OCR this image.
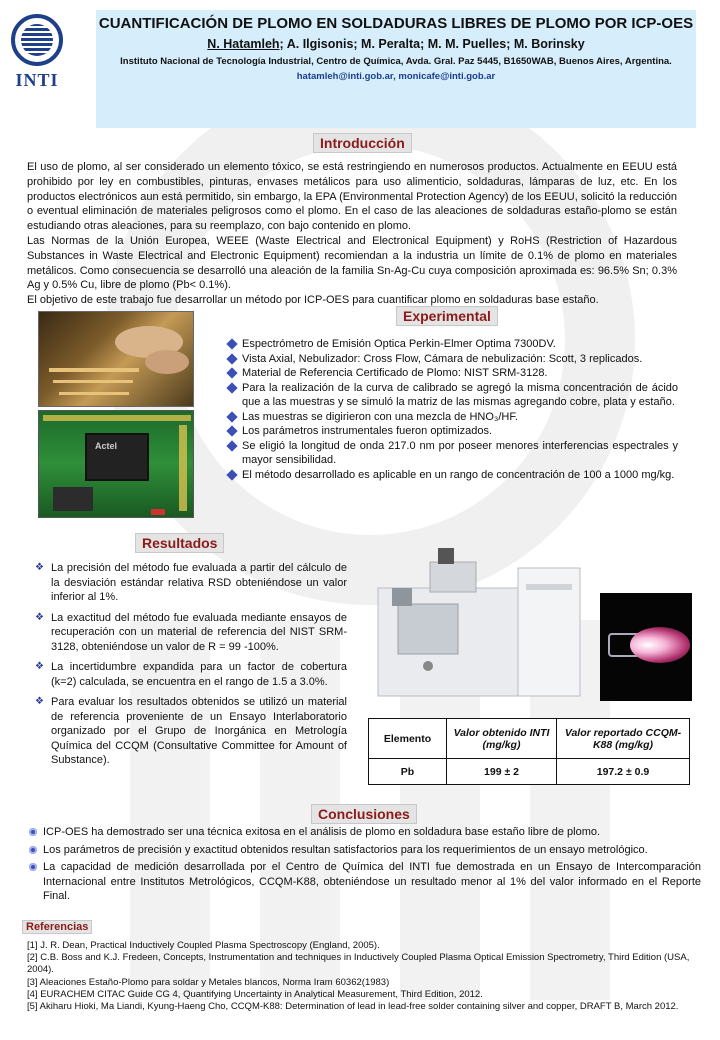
INTI
CUANTIFICACIÓN DE PLOMO EN SOLDADURAS LIBRES DE PLOMO POR ICP-OES
N. Hatamleh; A. Ilgisonis; M. Peralta; M. M. Puelles; M. Borinsky
Instituto Nacional de Tecnología Industrial, Centro de Química, Avda. Gral. Paz 5445, B1650WAB, Buenos Aires, Argentina.
hatamleh@inti.gob.ar, monicafe@inti.gob.ar
Introducción
El uso de plomo, al ser considerado un elemento tóxico, se está restringiendo en numerosos productos. Actualmente en EEUU está prohibido por ley en combustibles, pinturas, envases metálicos para uso alimenticio, soldaduras, lámparas de luz, etc. En los productos electrónicos aun está permitido, sin embargo, la EPA (Environmental Protection Agency) de los EEUU, solicitó la reducción o eventual eliminación de materiales peligrosos como el plomo. En el caso de las aleaciones de soldaduras estaño-plomo se están estudiando otras aleaciones, para su reemplazo, con bajo contenido en plomo.
Las Normas de la Unión Europea, WEEE (Waste Electrical and Electronical Equipment) y RoHS (Restriction of Hazardous Substances in Waste Electrical and Electronic Equipment) recomiendan a la industria un límite de 0.1% de plomo en materiales metálicos. Como consecuencia se desarrolló una aleación de la familia Sn-Ag-Cu cuya composición aproximada es: 96.5% Sn; 0.3% Ag y 0.5% Cu, libre de plomo (Pb< 0.1%).
El objetivo de este trabajo fue desarrollar un método por ICP-OES para cuantificar plomo en soldaduras base estaño.
Experimental
Actel
Espectrómetro de Emisión Optica Perkin-Elmer Optima 7300DV.
Vista Axial, Nebulizador: Cross Flow, Cámara de nebulización: Scott, 3 replicados.
Material de Referencia Certificado de Plomo: NIST SRM-3128.
Para la realización de la curva de calibrado se agregó la misma concentración de ácido que a las muestras y se simuló la matriz de las mismas agregando cobre, plata y estaño.
Las muestras se digirieron con una mezcla de HNO₃/HF.
Los parámetros instrumentales fueron optimizados.
Se eligió la longitud de onda 217.0 nm por poseer menores interferencias espectrales y mayor sensibilidad.
El método desarrollado es aplicable en un rango de concentración de 100 a 1000 mg/kg.
Resultados
❖ La precisión del método fue evaluada a partir del cálculo de la desviación estándar relativa RSD obteniéndose un valor inferior al 1%.
❖ La exactitud del método fue evaluada mediante ensayos de recuperación con un material de referencia del NIST SRM-3128, obteniéndose un valor de R = 99 -100%.
❖ La incertidumbre expandida para un factor de cobertura (k=2) calculada, se encuentra en el rango de 1.5 a 3.0%.
❖ Para evaluar los resultados obtenidos se utilizó un material de referencia proveniente de un Ensayo Interlaboratorio organizado por el Grupo de Inorgánica en Metrología Química del CCQM (Consultative Committee for Amount of Substance).
Elemento	Valor obtenido INTI (mg/kg)	Valor reportado CCQM-K88 (mg/kg)
Pb	199 ± 2	197.2 ± 0.9
Conclusiones
ICP-OES ha demostrado ser una técnica exitosa en el análisis de plomo en soldadura base estaño libre de plomo.
Los parámetros de precisión y exactitud obtenidos resultan satisfactorios para los requerimientos de un ensayo metrológico.
La capacidad de medición desarrollada por el Centro de Química del INTI fue demostrada en un Ensayo de Intercomparación Internacional entre Institutos Metrológicos, CCQM-K88, obteniéndose un resultado menor al 1% del valor informado en el Reporte Final.
Referencias
[1] J. R. Dean, Practical Inductively Coupled Plasma Spectroscopy (England, 2005).
[2] C.B. Boss and K.J. Fredeen, Concepts, Instrumentation and techniques in Inductively Coupled Plasma Optical Emission Spectrometry, Third Edition (USA, 2004).
[3] Aleaciones Estaño-Plomo para soldar y Metales blancos, Norma Iram 60362(1983)
[4] EURACHEM CITAC Guide CG 4, Quantifying Uncertainty in Analytical Measurement, Third Edition, 2012.
[5] Akiharu Hioki, Ma Liandi, Kyung-Haeng Cho, CCQM-K88: Determination of lead in lead-free solder containing silver and copper, DRAFT B, March 2012.
